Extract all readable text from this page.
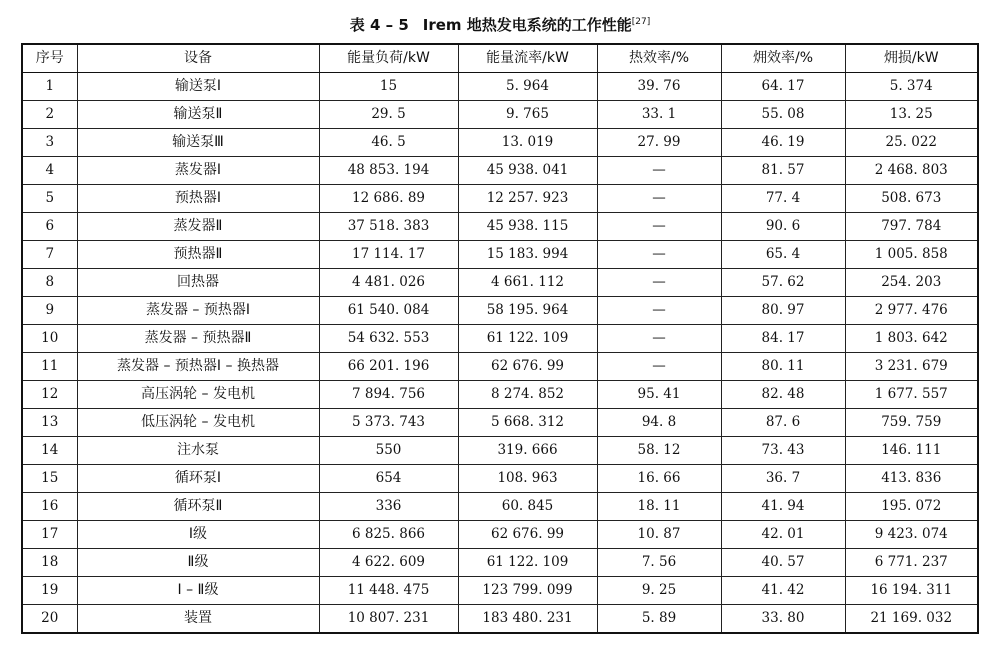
表 4 – 5 Irem 地热发电系统的工作性能[27]
序号	设备	能量负荷/kW	能量流率/kW	热效率/%	㶲效率/%	㶲损/kW
1	输送泵Ⅰ	15	5. 964	39. 76	64. 17	5. 374
2	输送泵Ⅱ	29. 5	9. 765	33. 1	55. 08	13. 25
3	输送泵Ⅲ	46. 5	13. 019	27. 99	46. 19	25. 022
4	蒸发器Ⅰ	48 853. 194	45 938. 041	—	81. 57	2 468. 803
5	预热器Ⅰ	12 686. 89	12 257. 923	—	77. 4	508. 673
6	蒸发器Ⅱ	37 518. 383	45 938. 115	—	90. 6	797. 784
7	预热器Ⅱ	17 114. 17	15 183. 994	—	65. 4	1 005. 858
8	回热器	4 481. 026	4 661. 112	—	57. 62	254. 203
9	蒸发器 – 预热器Ⅰ	61 540. 084	58 195. 964	—	80. 97	2 977. 476
10	蒸发器 – 预热器Ⅱ	54 632. 553	61 122. 109	—	84. 17	1 803. 642
11	蒸发器 – 预热器Ⅰ – 换热器	66 201. 196	62 676. 99	—	80. 11	3 231. 679
12	高压涡轮 – 发电机	7 894. 756	8 274. 852	95. 41	82. 48	1 677. 557
13	低压涡轮 – 发电机	5 373. 743	5 668. 312	94. 8	87. 6	759. 759
14	注水泵	550	319. 666	58. 12	73. 43	146. 111
15	循环泵Ⅰ	654	108. 963	16. 66	36. 7	413. 836
16	循环泵Ⅱ	336	60. 845	18. 11	41. 94	195. 072
17	Ⅰ级	6 825. 866	62 676. 99	10. 87	42. 01	9 423. 074
18	Ⅱ级	4 622. 609	61 122. 109	7. 56	40. 57	6 771. 237
19	Ⅰ – Ⅱ级	11 448. 475	123 799. 099	9. 25	41. 42	16 194. 311
20	装置	10 807. 231	183 480. 231	5. 89	33. 80	21 169. 032
